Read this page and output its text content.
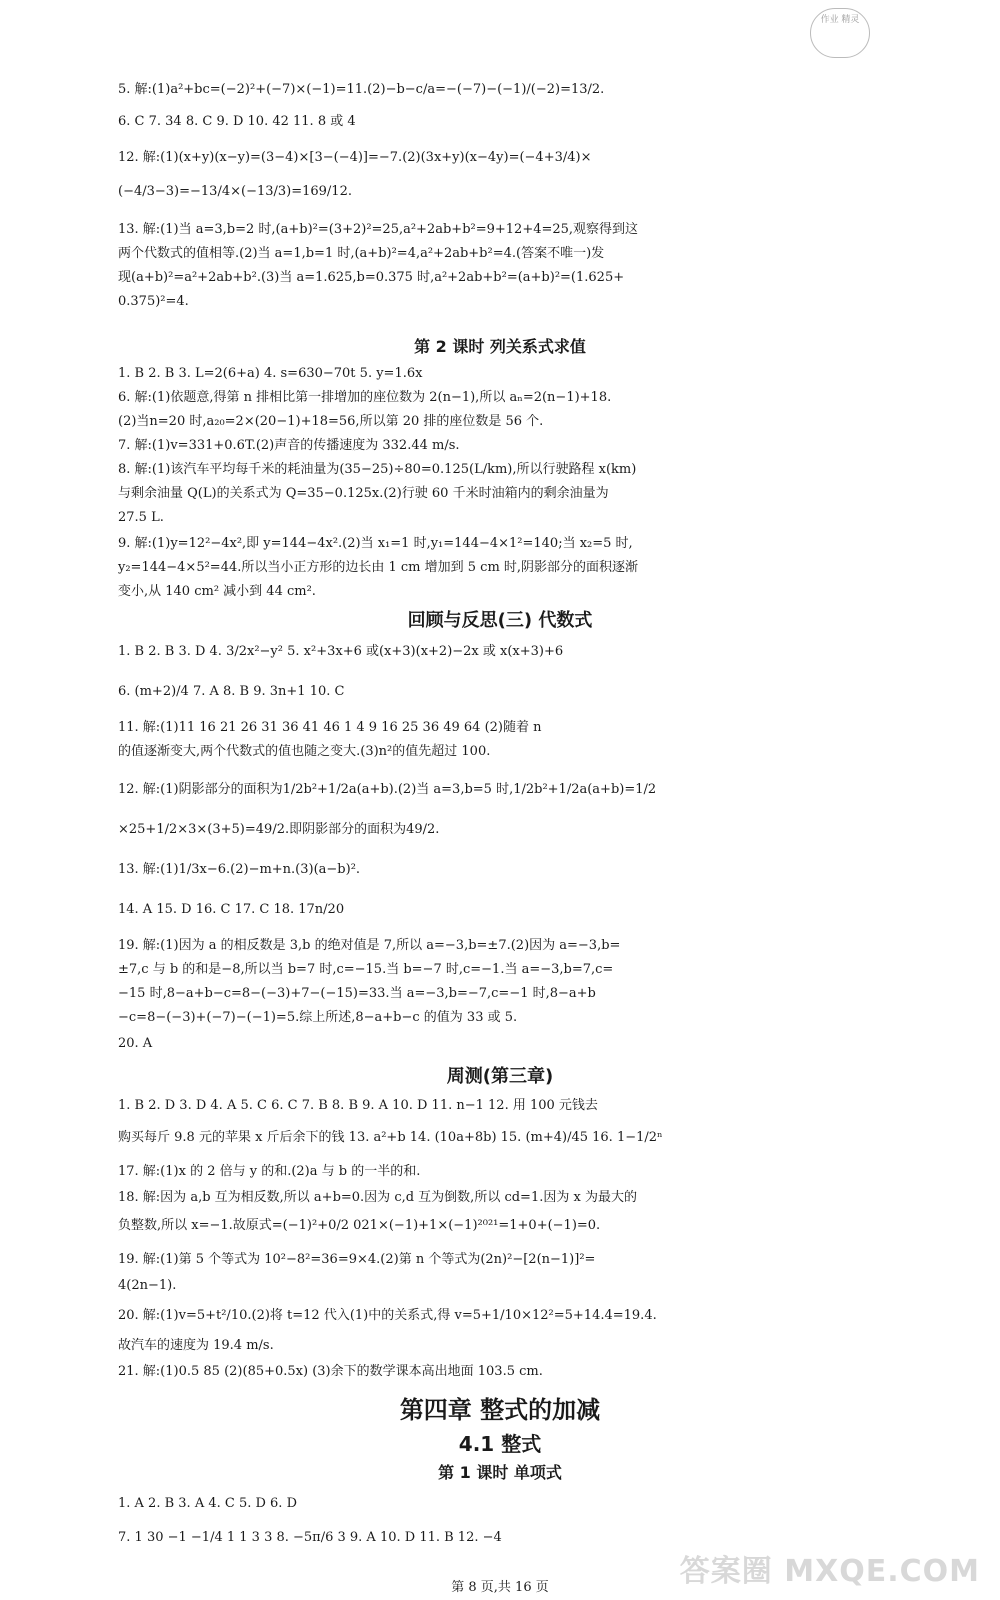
作业 精灵
5. 解:(1)a²+bc=(−2)²+(−7)×(−1)=11.(2)−b−c/a=−(−7)−(−1)/(−2)=13/2.
6. C 7. 34 8. C 9. D 10. 42 11. 8 或 4
12. 解:(1)(x+y)(x−y)=(3−4)×[3−(−4)]=−7.(2)(3x+y)(x−4y)=(−4+3/4)×
(−4/3−3)=−13/4×(−13/3)=169/12.
13. 解:(1)当 a=3,b=2 时,(a+b)²=(3+2)²=25,a²+2ab+b²=9+12+4=25,观察得到这
两个代数式的值相等.(2)当 a=1,b=1 时,(a+b)²=4,a²+2ab+b²=4.(答案不唯一)发
现(a+b)²=a²+2ab+b².(3)当 a=1.625,b=0.375 时,a²+2ab+b²=(a+b)²=(1.625+
0.375)²=4.
第 2 课时 列关系式求值
1. B 2. B 3. L=2(6+a) 4. s=630−70t 5. y=1.6x
6. 解:(1)依题意,得第 n 排相比第一排增加的座位数为 2(n−1),所以 aₙ=2(n−1)+18.
(2)当n=20 时,a₂₀=2×(20−1)+18=56,所以第 20 排的座位数是 56 个.
7. 解:(1)v=331+0.6T.(2)声音的传播速度为 332.44 m/s.
8. 解:(1)该汽车平均每千米的耗油量为(35−25)÷80=0.125(L/km),所以行驶路程 x(km)
与剩余油量 Q(L)的关系式为 Q=35−0.125x.(2)行驶 60 千米时油箱内的剩余油量为
27.5 L.
9. 解:(1)y=12²−4x²,即 y=144−4x².(2)当 x₁=1 时,y₁=144−4×1²=140;当 x₂=5 时,
y₂=144−4×5²=44.所以当小正方形的边长由 1 cm 增加到 5 cm 时,阴影部分的面积逐渐
变小,从 140 cm² 减小到 44 cm².
回顾与反思(三) 代数式
1. B 2. B 3. D 4. 3/2x²−y² 5. x²+3x+6 或(x+3)(x+2)−2x 或 x(x+3)+6
6. (m+2)/4 7. A 8. B 9. 3n+1 10. C
11. 解:(1)11 16 21 26 31 36 41 46 1 4 9 16 25 36 49 64 (2)随着 n
的值逐渐变大,两个代数式的值也随之变大.(3)n²的值先超过 100.
12. 解:(1)阴影部分的面积为1/2b²+1/2a(a+b).(2)当 a=3,b=5 时,1/2b²+1/2a(a+b)=1/2
×25+1/2×3×(3+5)=49/2.即阴影部分的面积为49/2.
13. 解:(1)1/3x−6.(2)−m+n.(3)(a−b)².
14. A 15. D 16. C 17. C 18. 17n/20
19. 解:(1)因为 a 的相反数是 3,b 的绝对值是 7,所以 a=−3,b=±7.(2)因为 a=−3,b=
±7,c 与 b 的和是−8,所以当 b=7 时,c=−15.当 b=−7 时,c=−1.当 a=−3,b=7,c=
−15 时,8−a+b−c=8−(−3)+7−(−15)=33.当 a=−3,b=−7,c=−1 时,8−a+b
−c=8−(−3)+(−7)−(−1)=5.综上所述,8−a+b−c 的值为 33 或 5.
20. A
周测(第三章)
1. B 2. D 3. D 4. A 5. C 6. C 7. B 8. B 9. A 10. D 11. n−1 12. 用 100 元钱去
购买每斤 9.8 元的苹果 x 斤后余下的钱 13. a²+b 14. (10a+8b) 15. (m+4)/45 16. 1−1/2ⁿ
17. 解:(1)x 的 2 倍与 y 的和.(2)a 与 b 的一半的和.
18. 解:因为 a,b 互为相反数,所以 a+b=0.因为 c,d 互为倒数,所以 cd=1.因为 x 为最大的
负整数,所以 x=−1.故原式=(−1)²+0/2 021×(−1)+1×(−1)²⁰²¹=1+0+(−1)=0.
19. 解:(1)第 5 个等式为 10²−8²=36=9×4.(2)第 n 个等式为(2n)²−[2(n−1)]²=
4(2n−1).
20. 解:(1)v=5+t²/10.(2)将 t=12 代入(1)中的关系式,得 v=5+1/10×12²=5+14.4=19.4.
故汽车的速度为 19.4 m/s.
21. 解:(1)0.5 85 (2)(85+0.5x) (3)余下的数学课本高出地面 103.5 cm.
第四章 整式的加减
4.1 整式
第 1 课时 单项式
1. A 2. B 3. A 4. C 5. D 6. D
7. 1 30 −1 −1/4 1 1 3 3 8. −5π/6 3 9. A 10. D 11. B 12. −4
第 8 页,共 16 页	答案圈 MXQE.COM
